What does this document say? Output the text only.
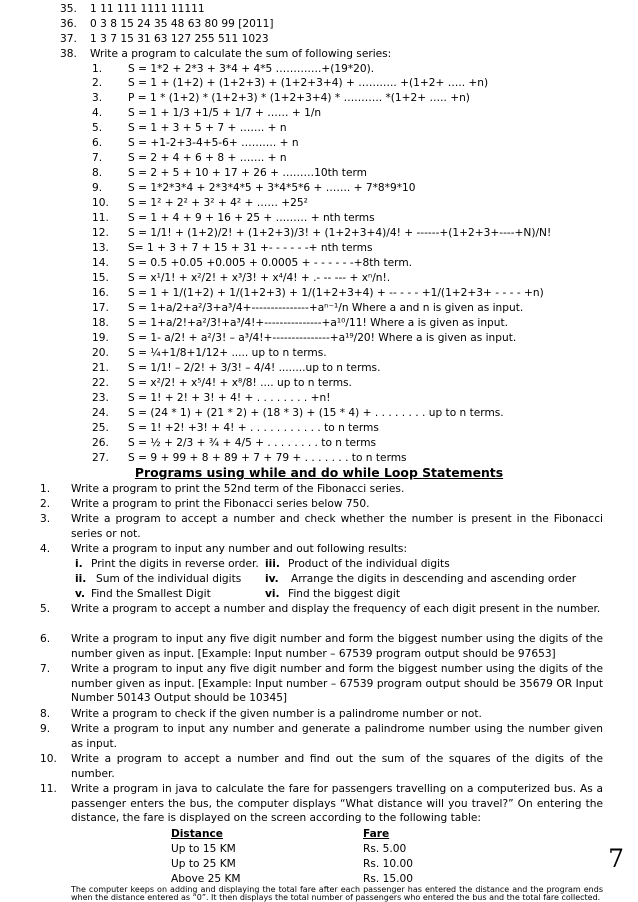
35. 1 11 111 1111 11111
36. 0 3 8 15 24 35 48 63 80 99 [2011]
37. 1 3 7 15 31 63 127 255 511 1023
38. Write a program to calculate the sum of following series:
1. S = 1*2 + 2*3 + 3*4 + 4*5 ………….+(19*20).
2. S = 1 + (1+2) + (1+2+3) + (1+2+3+4) + ……….. +(1+2+ ….. +n)
3. P = 1 * (1+2) * (1+2+3) * (1+2+3+4) * ……….. *(1+2+ ….. +n)
4. S = 1 + 1/3 +1/5 + 1/7 + …… + 1/n
5. S = 1 + 3 + 5 + 7 + ……. + n
6. S = +1-2+3-4+5-6+ ………. + n
7. S = 2 + 4 + 6 + 8 + ……. + n
8. S = 2 + 5 + 10 + 17 + 26 + ………10th term
9. S = 1*2*3*4 + 2*3*4*5 + 3*4*5*6 + ……. + 7*8*9*10
10. S = 1² + 2² + 3² + 4² + …… +25²
11. S = 1 + 4 + 9 + 16 + 25 + ……… + nth terms
12. S = 1/1! + (1+2)/2! + (1+2+3)/3! + (1+2+3+4)/4! + ------+(1+2+3+----+N)/N!
13. S= 1 + 3 + 7 + 15 + 31 +- - - - - -+ nth terms
14. S = 0.5 +0.05 +0.005 + 0.0005 + - - - - - -+8th term.
15. S = x¹/1! + x²/2! + x³/3! + x⁴/4! + .- -- --- + xⁿ/n!.
16. S = 1 + 1/(1+2) + 1/(1+2+3) + 1/(1+2+3+4) + -- - - - +1/(1+2+3+ - - - - +n)
17. S = 1+a/2+a²/3+a³/4+---------------+aⁿ⁻¹/n Where a and n is given as input.
18. S = 1+a/2!+a²/3!+a³/4!+---------------+a¹⁰/11! Where a is given as input.
19. S = 1- a/2! + a²/3! – a³/4!+---------------+a¹⁹/20! Where a is given as input.
20. S = ¼+1/8+1/12+ ..... up to n terms.
21. S = 1/1! – 2/2! + 3/3! – 4/4! ........up to n terms.
22. S = x²/2! + x⁵/4! + x⁸/8! .... up to n terms.
23. S = 1! + 2! + 3! + 4! + . . . . . . . . +n!
24. S = (24 * 1) + (21 * 2) + (18 * 3) + (15 * 4) + . . . . . . . . up to n terms.
25. S = 1! +2! +3! + 4! + . . . . . . . . . . . to n terms
26. S = ½ + 2/3 + ¾ + 4/5 + . . . . . . . . to n terms
27. S = 9 + 99 + 8 + 89 + 7 + 79 + . . . . . . . to n terms
Programs using while and do while Loop Statements
1. Write a program to print the 52nd term of the Fibonacci series.
2. Write a program to print the Fibonacci series below 750.
3. Write a program to accept a number and check whether the number is present in the Fibonacci series or not.
4. Write a program to input any number and out following results:
i. Print the digits in reverse order. iii. Product of the individual digits
ii. Sum of the individual digits iv. Arrange the digits in descending and ascending order
v. Find the Smallest Digit	vi. Find the biggest digit
5. Write a program to accept a number and display the frequency of each digit present in the number.
6. Write a program to input any five digit number and form the biggest number using the digits of the number given as input. [Example: Input number – 67539 program output should be 97653]
7. Write a program to input any five digit number and form the biggest number using the digits of the number given as input. [Example: Input number – 67539 program output should be 35679 OR Input Number 50143 Output should be 10345]
8. Write a program to check if the given number is a palindrome number or not.
9. Write a program to input any number and generate a palindrome number using the number given as input.
10. Write a program to accept a number and find out the sum of the squares of the digits of the number.
11. Write a program in java to calculate the fare for passengers travelling on a computerized bus. As a passenger enters the bus, the computer displays “What distance will you travel?” On entering the distance, the fare is displayed on the screen according to the following table:
Distance	Fare
Up to 15 KM	Rs. 5.00
Up to 25 KM	Rs. 10.00
Above 25 KM	Rs. 15.00
The computer keeps on adding and displaying the total fare after each passenger has entered the distance and the program ends when the distance entered as “0”. It then displays the total number of passengers who entered the bus and the total fare collected.
7
